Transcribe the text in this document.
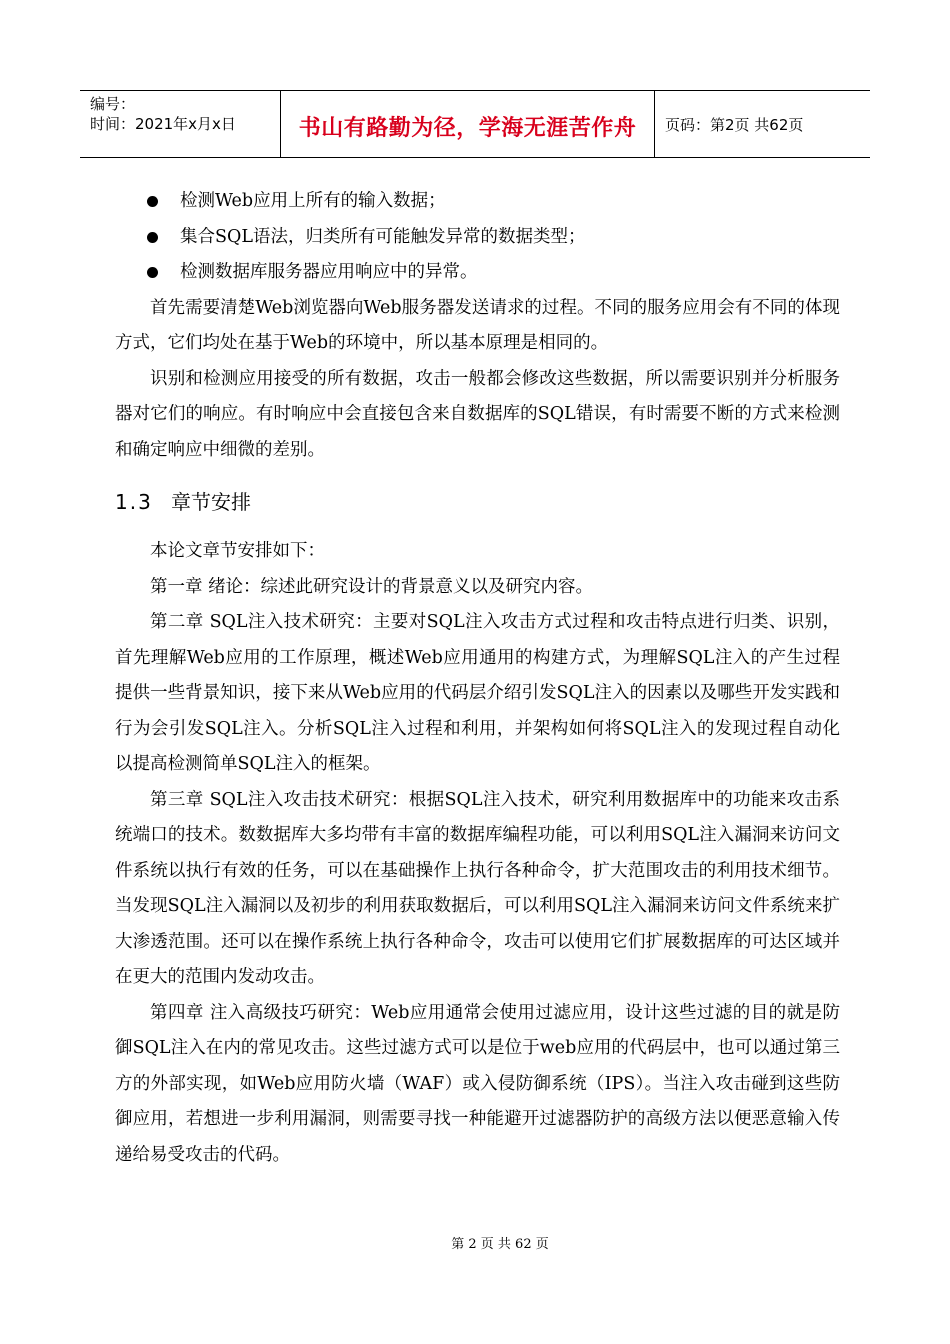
编号：
时间：2021年x月x日	书山有路勤为径，学海无涯苦作舟	页码：第2页 共62页
检测Web应用上所有的输入数据；
集合SQL语法，归类所有可能触发异常的数据类型；
检测数据库服务器应用响应中的异常。

首先需要清楚Web浏览器向Web服务器发送请求的过程。不同的服务应用会有不同的体现方式，它们均处在基于Web的环境中，所以基本原理是相同的。

识别和检测应用接受的所有数据，攻击一般都会修改这些数据，所以需要识别并分析服务器对它们的响应。有时响应中会直接包含来自数据库的SQL错误，有时需要不断的方式来检测和确定响应中细微的差别。

1.3 章节安排

本论文章节安排如下：

第一章 绪论：综述此研究设计的背景意义以及研究内容。

第二章 SQL注入技术研究：主要对SQL注入攻击方式过程和攻击特点进行归类、识别，首先理解Web应用的工作原理，概述Web应用通用的构建方式，为理解SQL注入的产生过程提供一些背景知识，接下来从Web应用的代码层介绍引发SQL注入的因素以及哪些开发实践和行为会引发SQL注入。分析SQL注入过程和利用，并架构如何将SQL注入的发现过程自动化以提高检测简单SQL注入的框架。

第三章 SQL注入攻击技术研究：根据SQL注入技术，研究利用数据库中的功能来攻击系统端口的技术。数数据库大多均带有丰富的数据库编程功能，可以利用SQL注入漏洞来访问文件系统以执行有效的任务，可以在基础操作上执行各种命令，扩大范围攻击的利用技术细节。当发现SQL注入漏洞以及初步的利用获取数据后，可以利用SQL注入漏洞来访问文件系统来扩大渗透范围。还可以在操作系统上执行各种命令，攻击可以使用它们扩展数据库的可达区域并在更大的范围内发动攻击。

第四章 注入高级技巧研究：Web应用通常会使用过滤应用，设计这些过滤的目的就是防御SQL注入在内的常见攻击。这些过滤方式可以是位于web应用的代码层中，也可以通过第三方的外部实现，如Web应用防火墙（WAF）或入侵防御系统（IPS）。当注入攻击碰到这些防御应用，若想进一步利用漏洞，则需要寻找一种能避开过滤器防护的高级方法以便恶意输入传递给易受攻击的代码。

第 2 页 共 62 页
